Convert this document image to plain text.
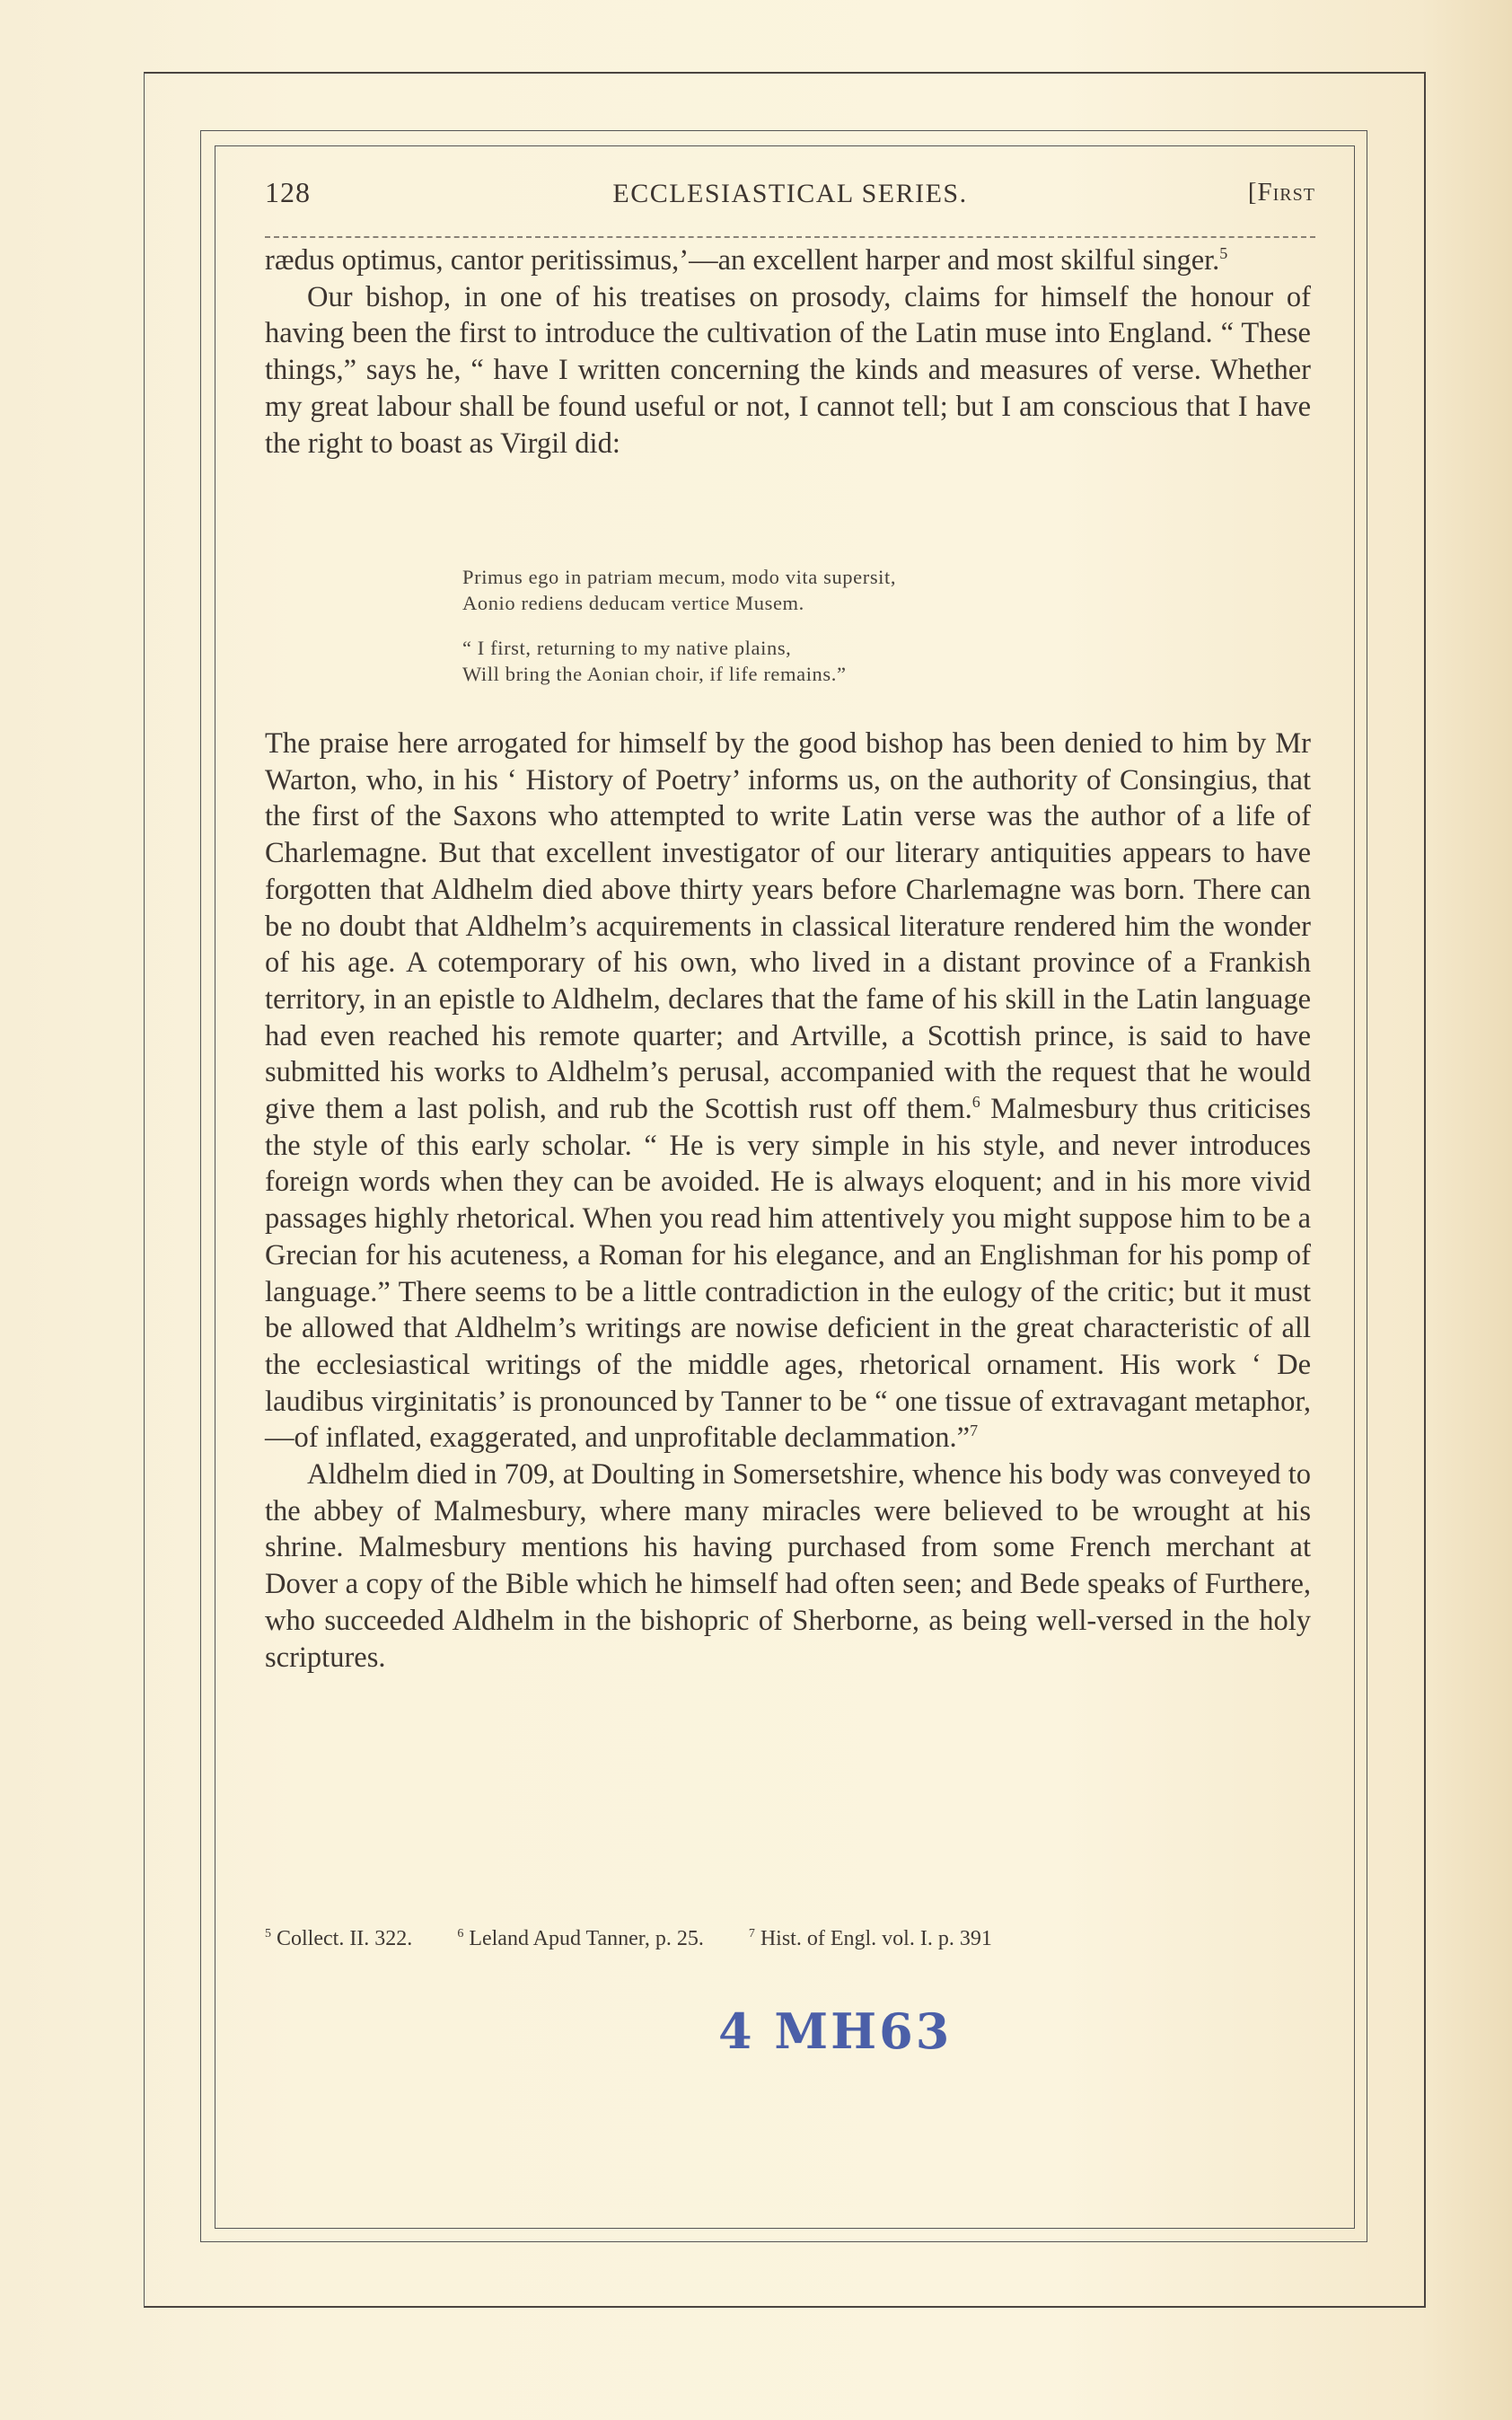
128	ECCLESIASTICAL SERIES.	[First

rædus optimus, cantor peritissimus,’—an excellent harper and most skilful singer.$^5$

Our bishop, in one of his treatises on prosody, claims for himself the honour of having been the first to introduce the cultivation of the Latin muse into England. “ These things,” says he, “ have I written concerning the kinds and measures of verse. Whether my great labour shall be found useful or not, I cannot tell; but I am conscious that I have the right to boast as Virgil did:

Primus ego in patriam mecum, modo vita supersit,
Aonio rediens deducam vertice Musem.
“ I first, returning to my native plains,
Will bring the Aonian choir, if life remains.”

The praise here arrogated for himself by the good bishop has been denied to him by Mr Warton, who, in his ‘ History of Poetry’ informs us, on the authority of Consingius, that the first of the Saxons who attempted to write Latin verse was the author of a life of Charlemagne. But that excellent investigator of our literary antiquities appears to have forgotten that Aldhelm died above thirty years before Charlemagne was born. There can be no doubt that Aldhelm’s acquirements in classical literature rendered him the wonder of his age. A cotemporary of his own, who lived in a distant province of a Frankish territory, in an epistle to Aldhelm, declares that the fame of his skill in the Latin language had even reached his remote quarter; and Artville, a Scottish prince, is said to have submitted his works to Aldhelm’s perusal, accompanied with the request that he would give them a last polish, and rub the Scottish rust off them.$^6$ Malmesbury thus criticises the style of this early scholar. “ He is very simple in his style, and never introduces foreign words when they can be avoided. He is always eloquent; and in his more vivid passages highly rhetorical. When you read him attentively you might suppose him to be a Grecian for his acuteness, a Roman for his elegance, and an Englishman for his pomp of language.” There seems to be a little contradiction in the eulogy of the critic; but it must be allowed that Aldhelm’s writings are nowise deficient in the great characteristic of all the ecclesiastical writings of the middle ages, rhetorical ornament. His work ‘ De laudibus virginitatis’ is pronounced by Tanner to be “ one tissue of extravagant metaphor,—of inflated, exaggerated, and unprofitable declammation.”$^7$

Aldhelm died in 709, at Doulting in Somersetshire, whence his body was conveyed to the abbey of Malmesbury, where many miracles were believed to be wrought at his shrine. Malmesbury mentions his having purchased from some French merchant at Dover a copy of the Bible which he himself had often seen; and Bede speaks of Furthere, who succeeded Aldhelm in the bishopric of Sherborne, as being well-versed in the holy scriptures.

$^5$ Collect. II. 322.	$^6$ Leland Apud Tanner, p. 25.	$^7$ Hist. of Engl. vol. I. p. 391
4 MH63
